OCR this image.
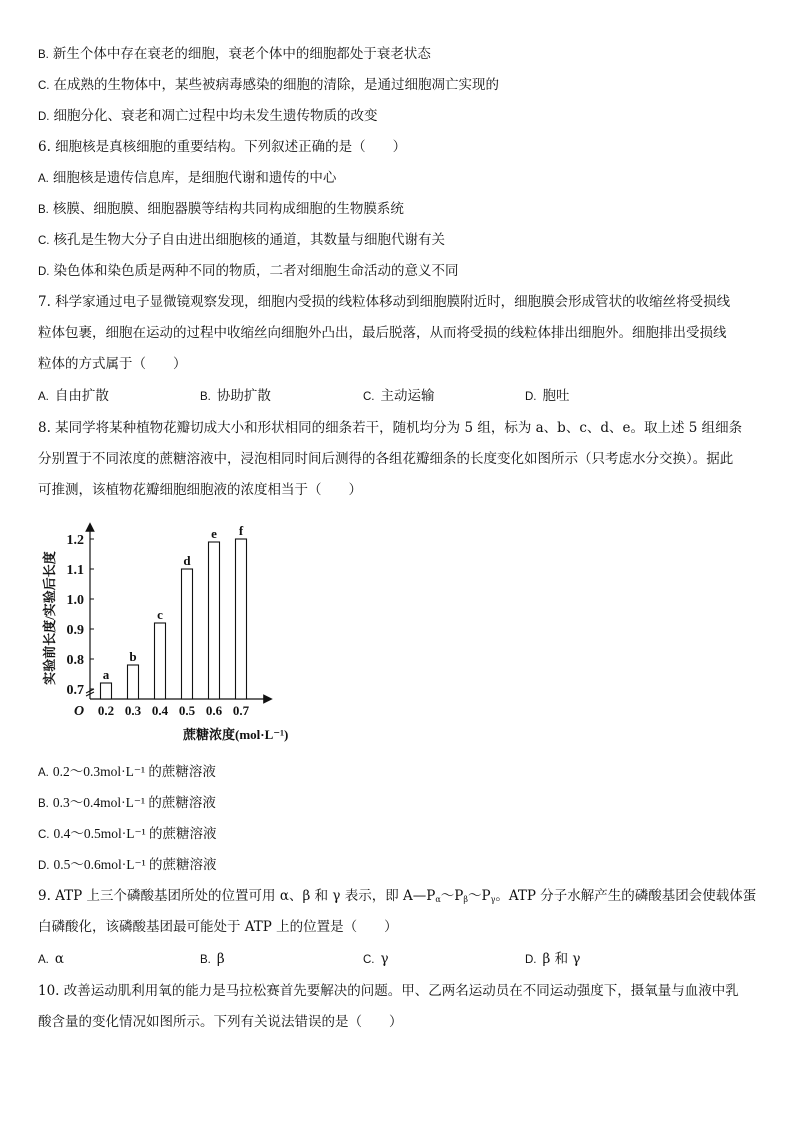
B. 新生个体中存在衰老的细胞，衰老个体中的细胞都处于衰老状态
C. 在成熟的生物体中，某些被病毒感染的细胞的清除，是通过细胞凋亡实现的
D. 细胞分化、衰老和凋亡过程中均未发生遗传物质的改变
6. 细胞核是真核细胞的重要结构。下列叙述正确的是（　　）
A. 细胞核是遗传信息库，是细胞代谢和遗传的中心
B. 核膜、细胞膜、细胞器膜等结构共同构成细胞的生物膜系统
C. 核孔是生物大分子自由进出细胞核的通道，其数量与细胞代谢有关
D. 染色体和染色质是两种不同的物质，二者对细胞生命活动的意义不同
7. 科学家通过电子显微镜观察发现，细胞内受损的线粒体移动到细胞膜附近时，细胞膜会形成管状的收缩丝将受损线
粒体包裹，细胞在运动的过程中收缩丝向细胞外凸出，最后脱落，从而将受损的线粒体排出细胞外。细胞排出受损线
粒体的方式属于（　　）
A. 自由扩散	B. 协助扩散	C. 主动运输	D. 胞吐
8. 某同学将某种植物花瓣切成大小和形状相同的细条若干，随机均分为 5 组，标为 a、b、c、d、e。取上述 5 组细条
分别置于不同浓度的蔗糖溶液中，浸泡相同时间后测得的各组花瓣细条的长度变化如图所示（只考虑水分交换）。据此
可推测，该植物花瓣细胞细胞液的浓度相当于（　　）
0.7
0.8
0.9
1.0
1.1
1.2
0.2
a
0.3
b
0.4
c
0.5
d
0.6
e
0.7
f
O
蔗糖浓度(mol·L⁻¹)
实验前长度/实验后长度
A. 0.2～0.3mol·L⁻¹ 的蔗糖溶液
B. 0.3～0.4mol·L⁻¹ 的蔗糖溶液
C. 0.4～0.5mol·L⁻¹ 的蔗糖溶液
D. 0.5～0.6mol·L⁻¹ 的蔗糖溶液
9. ATP 上三个磷酸基团所处的位置可用 α、β 和 γ 表示，即 $A—P_\alpha\sim P_\beta\sim P_\gamma$。ATP 分子水解产生的磷酸基团会使载体蛋
白磷酸化，该磷酸基团最可能处于 ATP 上的位置是（　　）
A. α	B. β	C. γ	D. β 和 γ
10. 改善运动肌利用氧的能力是马拉松赛首先要解决的问题。甲、乙两名运动员在不同运动强度下，摄氧量与血液中乳
酸含量的变化情况如图所示。下列有关说法错误的是（　　）
